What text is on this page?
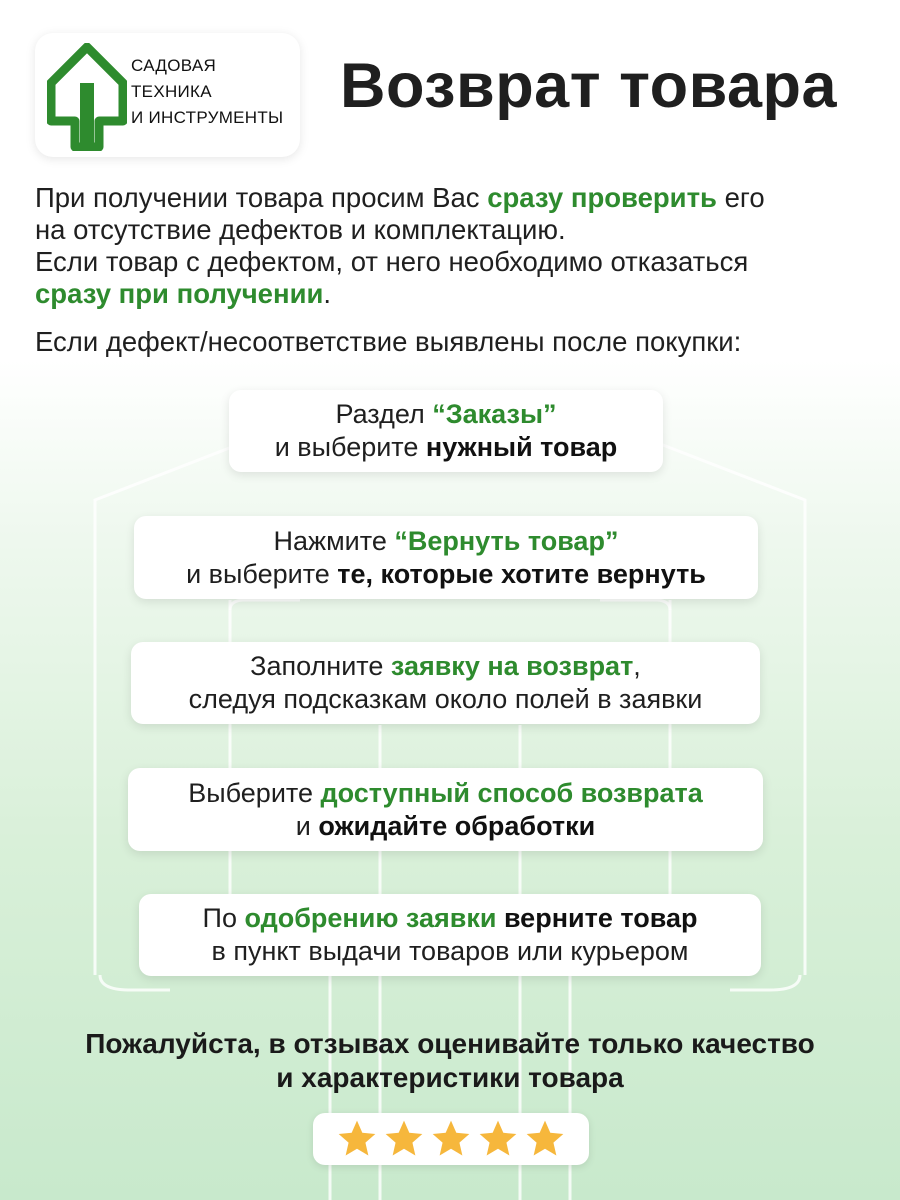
САДОВАЯ
ТЕХНИКА
И ИНСТРУМЕНТЫ Возврат товара

При получении товара просим Вас сразу проверить его
на отсутствие дефектов и комплектацию.
Если товар с дефектом, от него необходимо отказаться
сразу при получении.

Если дефект/несоответствие выявлены после покупки:

Раздел “Заказы”
и выберите нужный товар
Нажмите “Вернуть товар”
и выберите те, которые хотите вернуть
Заполните заявку на возврат,
следуя подсказкам около полей в заявки
Выберите доступный способ возврата
и ожидайте обработки
По одобрению заявки верните товар
в пункт выдачи товаров или курьером
Пожалуйста, в отзывах оценивайте только качество
и характеристики товара
